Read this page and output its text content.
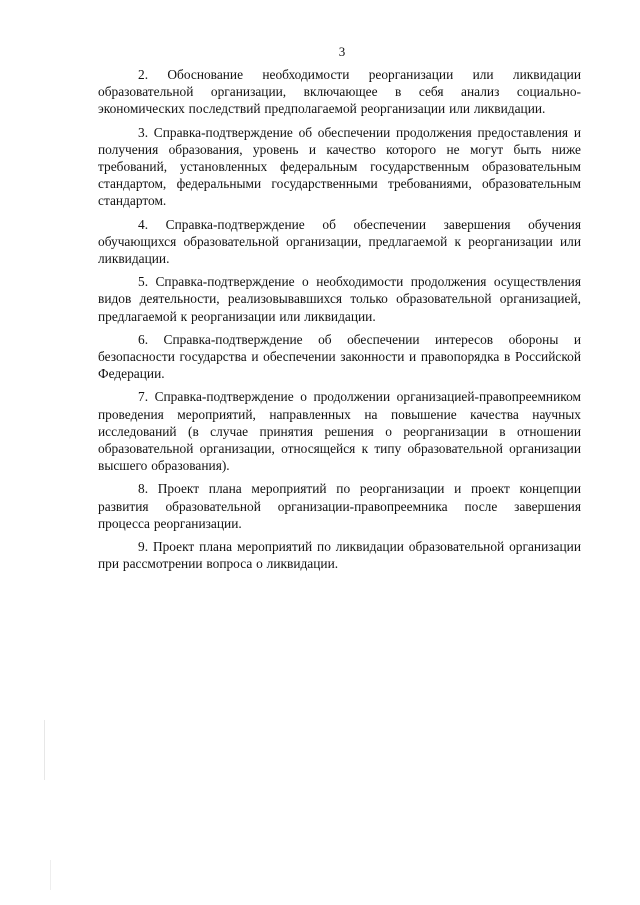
3

2. Обоснование необходимости реорганизации или ликвидации образовательной организации, включающее в себя анализ социально-экономических последствий предполагаемой реорганизации или ликвидации.

3. Справка-подтверждение об обеспечении продолжения предоставления и получения образования, уровень и качество которого не могут быть ниже требований, установленных федеральным государственным образовательным стандартом, федеральными государственными требованиями, образовательным стандартом.

4. Справка-подтверждение об обеспечении завершения обучения обучающихся образовательной организации, предлагаемой к реорганизации или ликвидации.

5. Справка-подтверждение о необходимости продолжения осуществления видов деятельности, реализовывавшихся только образовательной организацией, предлагаемой к реорганизации или ликвидации.

6. Справка-подтверждение об обеспечении интересов обороны и безопасности государства и обеспечении законности и правопорядка в Российской Федерации.

7. Справка-подтверждение о продолжении организацией-правопреемником проведения мероприятий, направленных на повышение качества научных исследований (в случае принятия решения о реорганизации в отношении образовательной организации, относящейся к типу образовательной организации высшего образования).

8. Проект плана мероприятий по реорганизации и проект концепции развития образовательной организации-правопреемника после завершения процесса реорганизации.

9. Проект плана мероприятий по ликвидации образовательной организации при рассмотрении вопроса о ликвидации.
